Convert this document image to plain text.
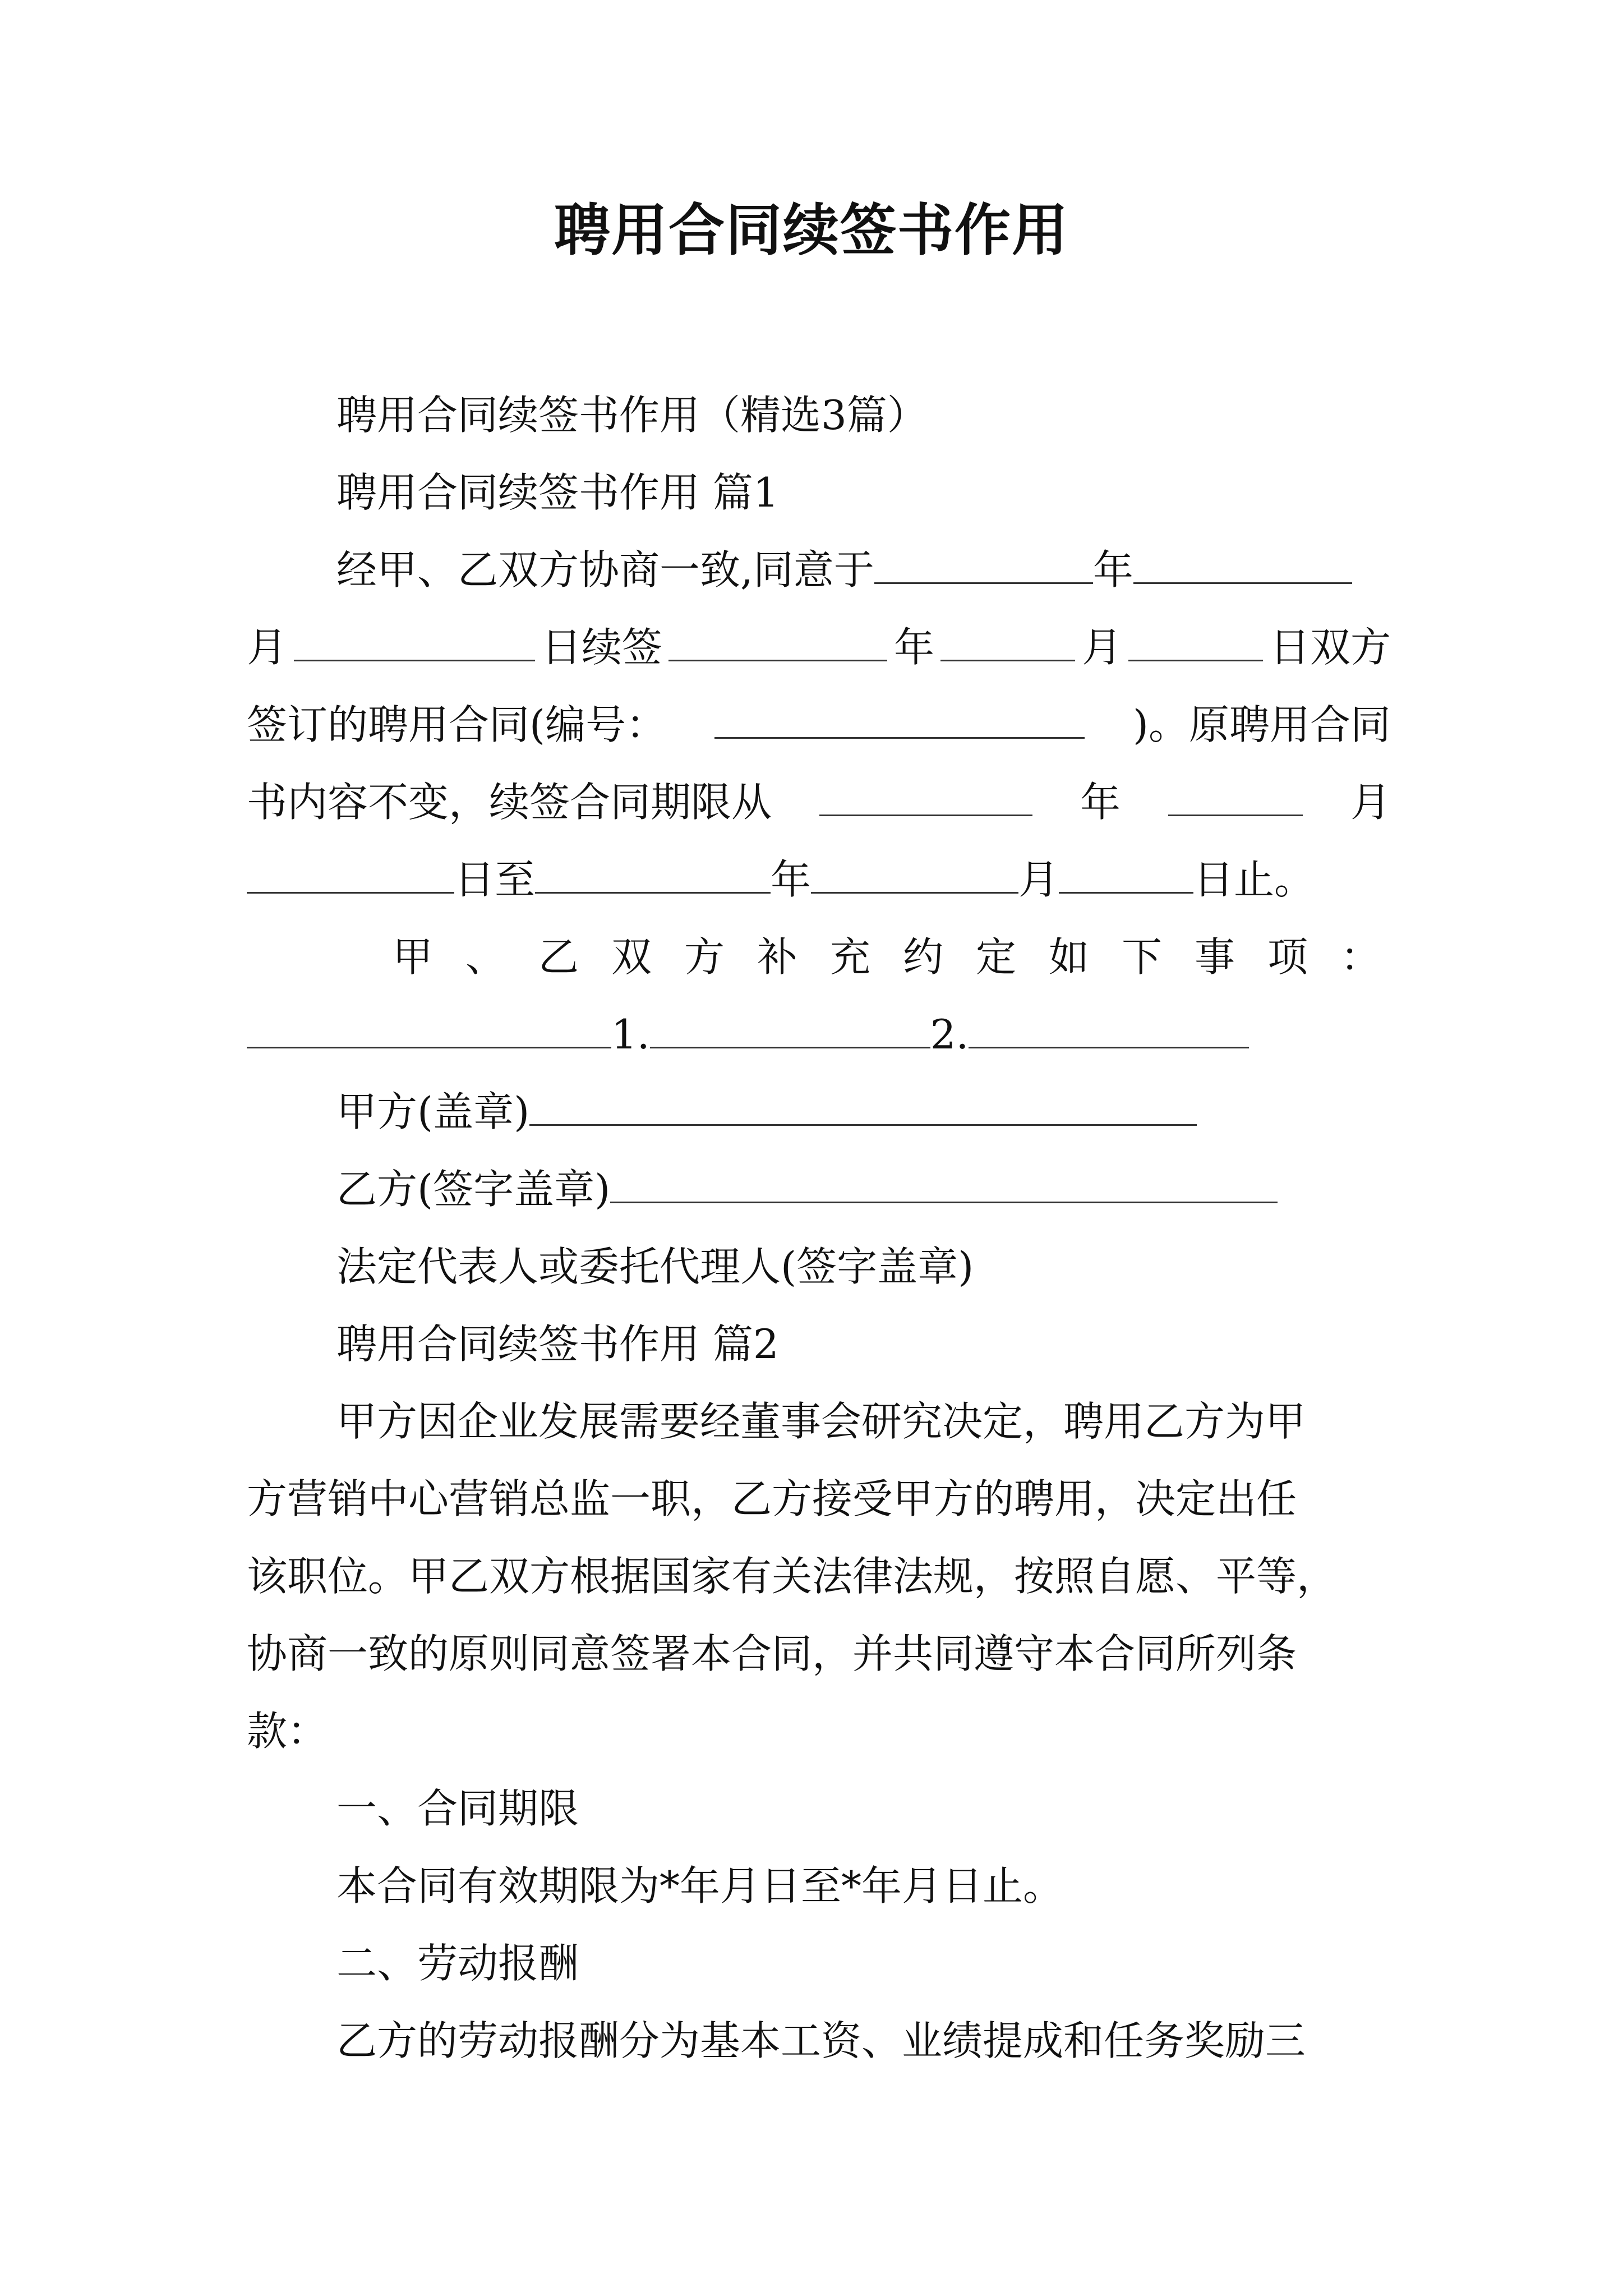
聘用合同续签书作用
聘用合同续签书作用（精选3篇）
聘用合同续签书作用 篇1
经甲、乙双方协商一致,同意于	年
月	日续签	年	月	日双方
签订的聘用合同(编号：	)。原聘用合同
书内容不变，续签合同期限从	年	月
日至	年	月	日止。
甲、乙双方补充约定如下事项：
1.	2.
甲方(盖章)
乙方(签字盖章)
法定代表人或委托代理人(签字盖章)
聘用合同续签书作用 篇2
甲方因企业发展需要经董事会研究决定，聘用乙方为甲
方营销中心营销总监一职，乙方接受甲方的聘用，决定出任
该职位。甲乙双方根据国家有关法律法规，按照自愿、平等，
协商一致的原则同意签署本合同，并共同遵守本合同所列条
款：
一、合同期限
本合同有效期限为*年月日至*年月日止。
二、劳动报酬
乙方的劳动报酬分为基本工资、业绩提成和任务奖励三
